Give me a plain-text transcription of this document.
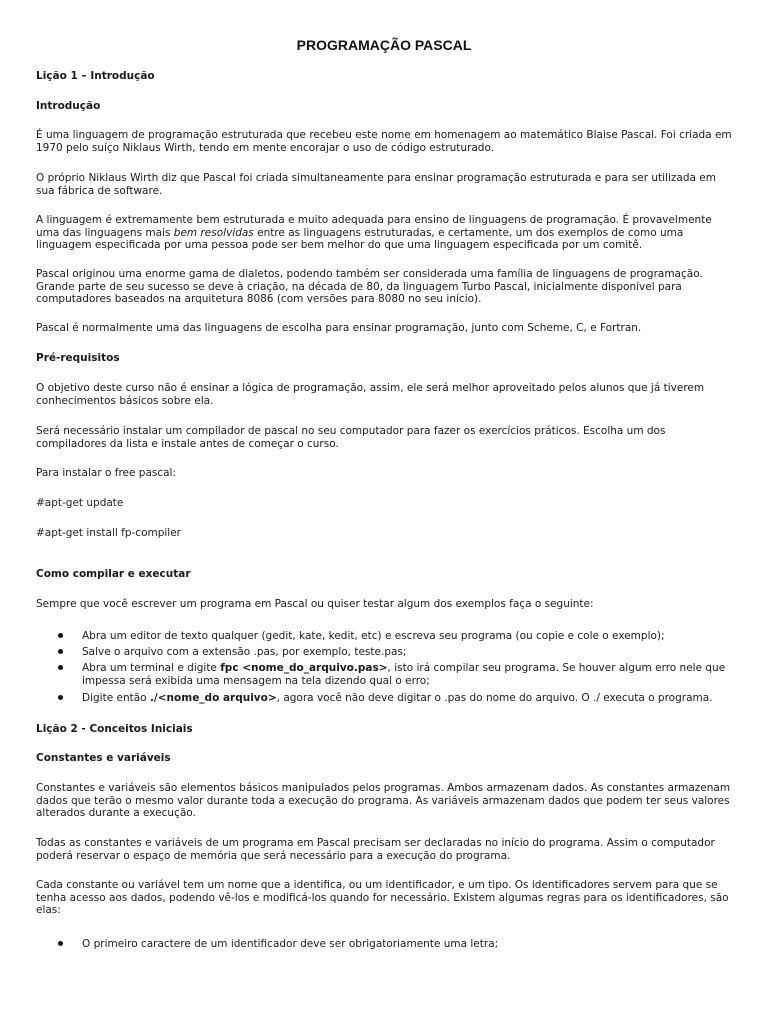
PROGRAMAÇÃO PASCAL

Lição 1 – Introdução

Introdução

É uma linguagem de programação estruturada que recebeu este nome em homenagem ao matemático Blaise Pascal. Foi criada em 1970 pelo suíço Niklaus Wirth, tendo em mente encorajar o uso de código estruturado.

O próprio Niklaus Wirth diz que Pascal foi criada simultaneamente para ensinar programação estruturada e para ser utilizada em sua fábrica de software.

A linguagem é extremamente bem estruturada e muito adequada para ensino de linguagens de programação. É provavelmente uma das linguagens mais bem resolvidas entre as linguagens estruturadas, e certamente, um dos exemplos de como uma linguagem especificada por uma pessoa pode ser bem melhor do que uma linguagem especificada por um comitê.

Pascal originou uma enorme gama de dialetos, podendo também ser considerada uma família de linguagens de programação. Grande parte de seu sucesso se deve à criação, na década de 80, da linguagem Turbo Pascal, inicialmente disponível para computadores baseados na arquitetura 8086 (com versões para 8080 no seu início).

Pascal é normalmente uma das linguagens de escolha para ensinar programação, junto com Scheme, C, e Fortran.

Pré-requisitos

O objetivo deste curso não é ensinar a lógica de programação, assim, ele será melhor aproveitado pelos alunos que já tiverem conhecimentos básicos sobre ela.

Será necessário instalar um compilador de pascal no seu computador para fazer os exercícios práticos. Escolha um dos compiladores da lista e instale antes de começar o curso.

Para instalar o free pascal:

#apt-get update

#apt-get install fp-compiler

Como compilar e executar

Sempre que você escrever um programa em Pascal ou quiser testar algum dos exemplos faça o seguinte:

Abra um editor de texto qualquer (gedit, kate, kedit, etc) e escreva seu programa (ou copie e cole o exemplo);

Salve o arquivo com a extensão .pas, por exemplo, teste.pas;

Abra um terminal e digite fpc <nome_do_arquivo.pas>, isto irá compilar seu programa. Se houver algum erro nele que impessa será exibida uma mensagem na tela dizendo qual o erro;

Digite então ./<nome_do arquivo>, agora você não deve digitar o .pas do nome do arquivo. O ./ executa o programa.

Lição 2 - Conceitos Iniciais

Constantes e variáveis

Constantes e variáveis são elementos básicos manipulados pelos programas. Ambos armazenam dados. As constantes armazenam dados que terão o mesmo valor durante toda a execução do programa. As variáveis armazenam dados que podem ter seus valores alterados durante a execução.

Todas as constantes e variáveis de um programa em Pascal precisam ser declaradas no início do programa. Assim o computador poderá reservar o espaço de memória que será necessário para a execução do programa.

Cada constante ou variável tem um nome que a identifica, ou um identificador, e um tipo. Os identificadores servem para que se tenha acesso aos dados, podendo vê-los e modificá-los quando for necessário. Existem algumas regras para os identificadores, são elas:

O primeiro caractere de um identificador deve ser obrigatoriamente uma letra;
